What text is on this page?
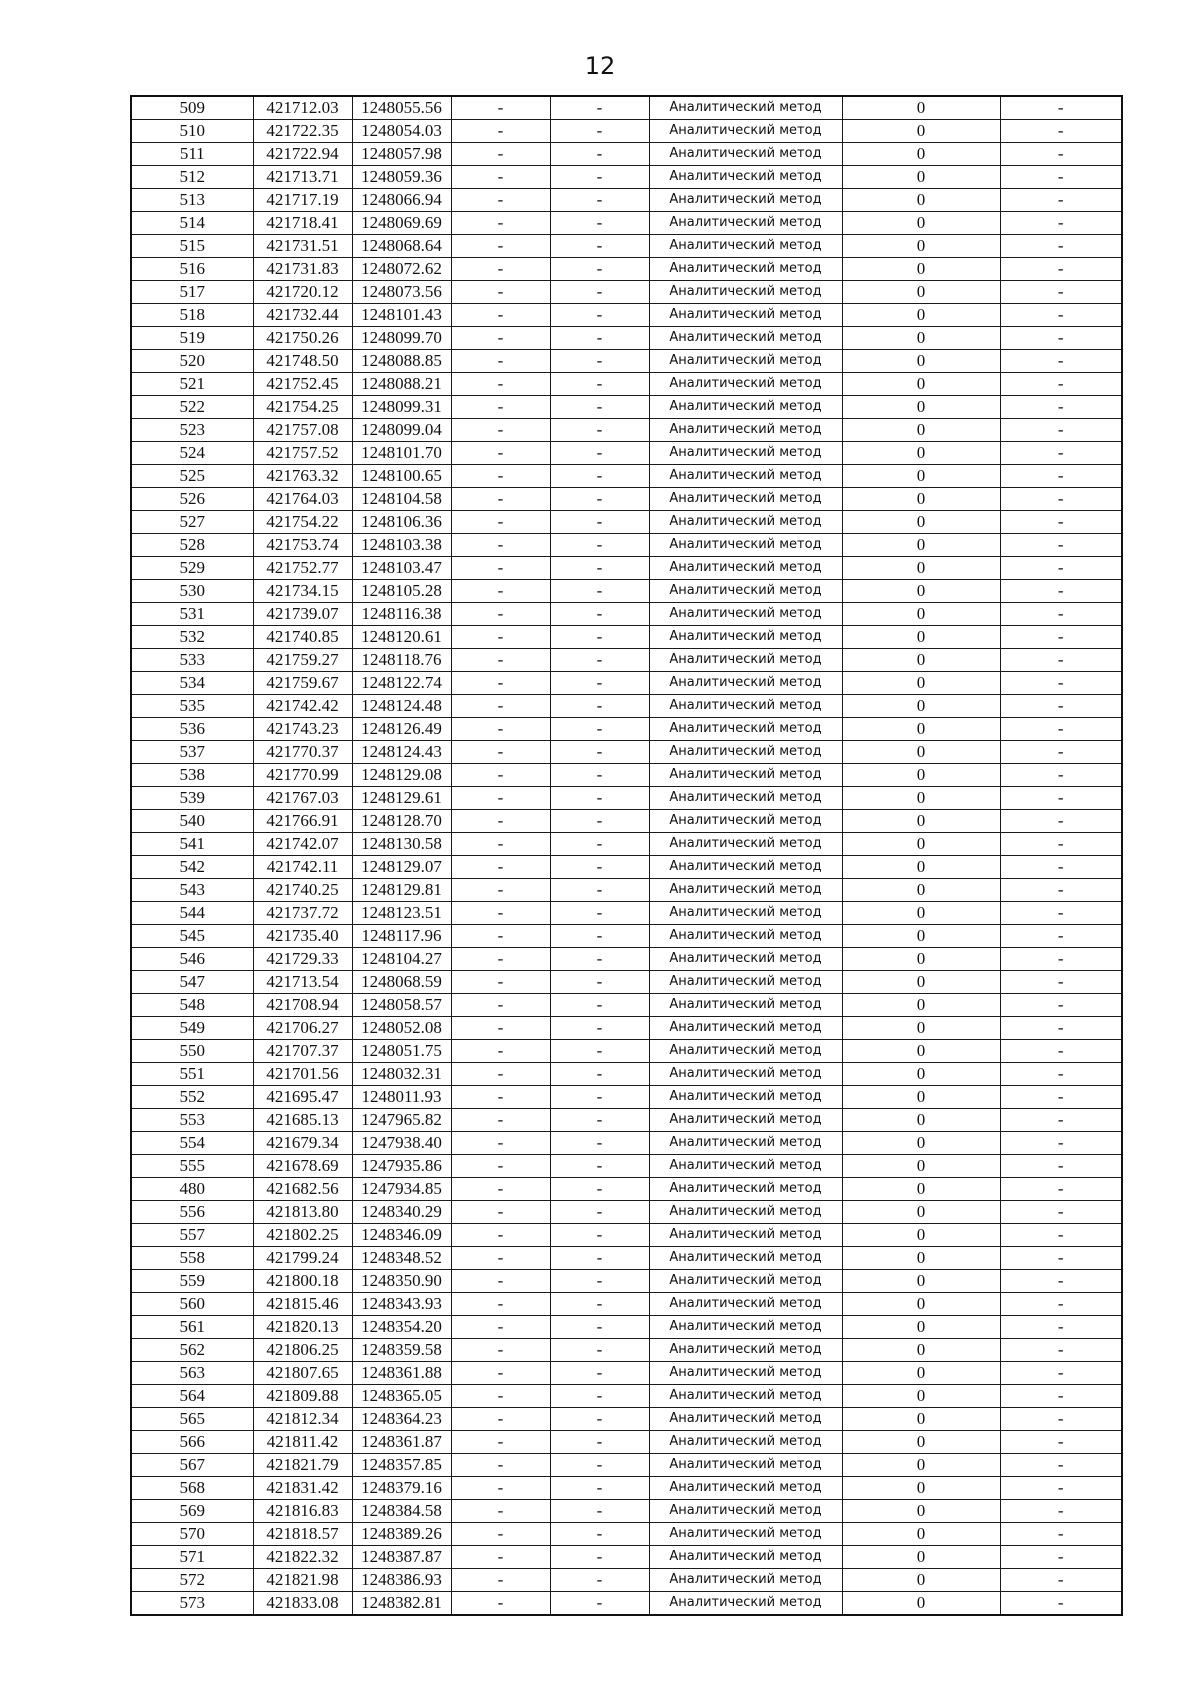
12
509	421712.03	1248055.56	-	-	Аналитический метод	0	-
510	421722.35	1248054.03	-	-	Аналитический метод	0	-
511	421722.94	1248057.98	-	-	Аналитический метод	0	-
512	421713.71	1248059.36	-	-	Аналитический метод	0	-
513	421717.19	1248066.94	-	-	Аналитический метод	0	-
514	421718.41	1248069.69	-	-	Аналитический метод	0	-
515	421731.51	1248068.64	-	-	Аналитический метод	0	-
516	421731.83	1248072.62	-	-	Аналитический метод	0	-
517	421720.12	1248073.56	-	-	Аналитический метод	0	-
518	421732.44	1248101.43	-	-	Аналитический метод	0	-
519	421750.26	1248099.70	-	-	Аналитический метод	0	-
520	421748.50	1248088.85	-	-	Аналитический метод	0	-
521	421752.45	1248088.21	-	-	Аналитический метод	0	-
522	421754.25	1248099.31	-	-	Аналитический метод	0	-
523	421757.08	1248099.04	-	-	Аналитический метод	0	-
524	421757.52	1248101.70	-	-	Аналитический метод	0	-
525	421763.32	1248100.65	-	-	Аналитический метод	0	-
526	421764.03	1248104.58	-	-	Аналитический метод	0	-
527	421754.22	1248106.36	-	-	Аналитический метод	0	-
528	421753.74	1248103.38	-	-	Аналитический метод	0	-
529	421752.77	1248103.47	-	-	Аналитический метод	0	-
530	421734.15	1248105.28	-	-	Аналитический метод	0	-
531	421739.07	1248116.38	-	-	Аналитический метод	0	-
532	421740.85	1248120.61	-	-	Аналитический метод	0	-
533	421759.27	1248118.76	-	-	Аналитический метод	0	-
534	421759.67	1248122.74	-	-	Аналитический метод	0	-
535	421742.42	1248124.48	-	-	Аналитический метод	0	-
536	421743.23	1248126.49	-	-	Аналитический метод	0	-
537	421770.37	1248124.43	-	-	Аналитический метод	0	-
538	421770.99	1248129.08	-	-	Аналитический метод	0	-
539	421767.03	1248129.61	-	-	Аналитический метод	0	-
540	421766.91	1248128.70	-	-	Аналитический метод	0	-
541	421742.07	1248130.58	-	-	Аналитический метод	0	-
542	421742.11	1248129.07	-	-	Аналитический метод	0	-
543	421740.25	1248129.81	-	-	Аналитический метод	0	-
544	421737.72	1248123.51	-	-	Аналитический метод	0	-
545	421735.40	1248117.96	-	-	Аналитический метод	0	-
546	421729.33	1248104.27	-	-	Аналитический метод	0	-
547	421713.54	1248068.59	-	-	Аналитический метод	0	-
548	421708.94	1248058.57	-	-	Аналитический метод	0	-
549	421706.27	1248052.08	-	-	Аналитический метод	0	-
550	421707.37	1248051.75	-	-	Аналитический метод	0	-
551	421701.56	1248032.31	-	-	Аналитический метод	0	-
552	421695.47	1248011.93	-	-	Аналитический метод	0	-
553	421685.13	1247965.82	-	-	Аналитический метод	0	-
554	421679.34	1247938.40	-	-	Аналитический метод	0	-
555	421678.69	1247935.86	-	-	Аналитический метод	0	-
480	421682.56	1247934.85	-	-	Аналитический метод	0	-
556	421813.80	1248340.29	-	-	Аналитический метод	0	-
557	421802.25	1248346.09	-	-	Аналитический метод	0	-
558	421799.24	1248348.52	-	-	Аналитический метод	0	-
559	421800.18	1248350.90	-	-	Аналитический метод	0	-
560	421815.46	1248343.93	-	-	Аналитический метод	0	-
561	421820.13	1248354.20	-	-	Аналитический метод	0	-
562	421806.25	1248359.58	-	-	Аналитический метод	0	-
563	421807.65	1248361.88	-	-	Аналитический метод	0	-
564	421809.88	1248365.05	-	-	Аналитический метод	0	-
565	421812.34	1248364.23	-	-	Аналитический метод	0	-
566	421811.42	1248361.87	-	-	Аналитический метод	0	-
567	421821.79	1248357.85	-	-	Аналитический метод	0	-
568	421831.42	1248379.16	-	-	Аналитический метод	0	-
569	421816.83	1248384.58	-	-	Аналитический метод	0	-
570	421818.57	1248389.26	-	-	Аналитический метод	0	-
571	421822.32	1248387.87	-	-	Аналитический метод	0	-
572	421821.98	1248386.93	-	-	Аналитический метод	0	-
573	421833.08	1248382.81	-	-	Аналитический метод	0	-
